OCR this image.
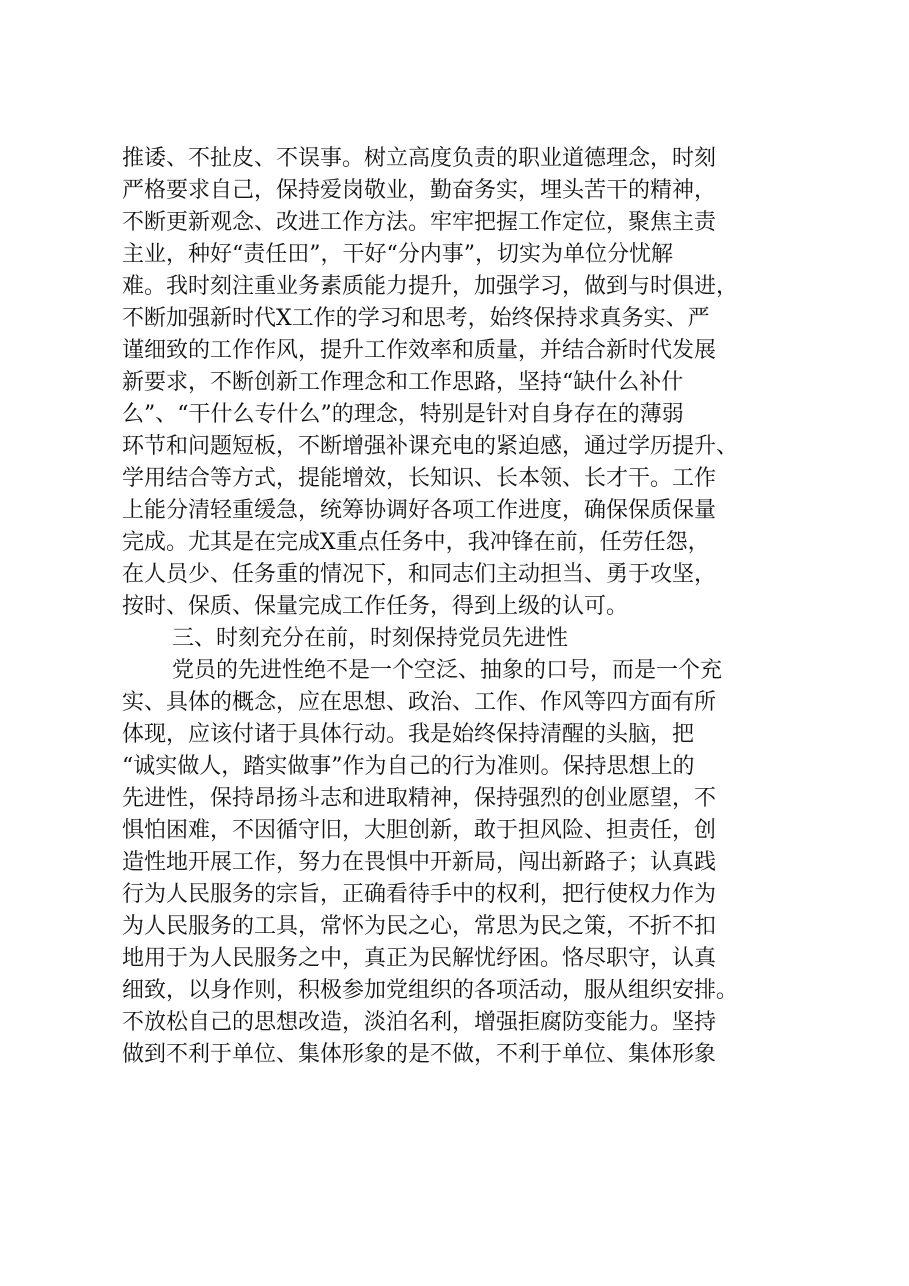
推诿、不扯皮、不误事。树立高度负责的职业道德理念，时刻
严格要求自己，保持爱岗敬业，勤奋务实，埋头苦干的精神，
不断更新观念、改进工作方法。牢牢把握工作定位，聚焦主责
主业，种好“责任田”，干好“分内事”，切实为单位分忧解
难。我时刻注重业务素质能力提升，加强学习，做到与时俱进，
不断加强新时代X工作的学习和思考，始终保持求真务实、严
谨细致的工作作风，提升工作效率和质量，并结合新时代发展
新要求，不断创新工作理念和工作思路，坚持“缺什么补什
么”、“干什么专什么”的理念，特别是针对自身存在的薄弱
环节和问题短板，不断增强补课充电的紧迫感，通过学历提升、
学用结合等方式，提能增效，长知识、长本领、长才干。工作
上能分清轻重缓急，统筹协调好各项工作进度，确保保质保量
完成。尤其是在完成X重点任务中，我冲锋在前，任劳任怨，
在人员少、任务重的情况下，和同志们主动担当、勇于攻坚，
按时、保质、保量完成工作任务，得到上级的认可。
三、时刻充分在前，时刻保持党员先进性
党员的先进性绝不是一个空泛、抽象的口号，而是一个充
实、具体的概念，应在思想、政治、工作、作风等四方面有所
体现，应该付诸于具体行动。我是始终保持清醒的头脑，把
“诚实做人，踏实做事”作为自己的行为准则。保持思想上的
先进性，保持昂扬斗志和进取精神，保持强烈的创业愿望，不
惧怕困难，不因循守旧，大胆创新，敢于担风险、担责任，创
造性地开展工作，努力在畏惧中开新局，闯出新路子；认真践
行为人民服务的宗旨，正确看待手中的权利，把行使权力作为
为人民服务的工具，常怀为民之心，常思为民之策，不折不扣
地用于为人民服务之中，真正为民解忧纾困。恪尽职守，认真
细致，以身作则，积极参加党组织的各项活动，服从组织安排。
不放松自己的思想改造，淡泊名利，增强拒腐防变能力。坚持
做到不利于单位、集体形象的是不做，不利于单位、集体形象
